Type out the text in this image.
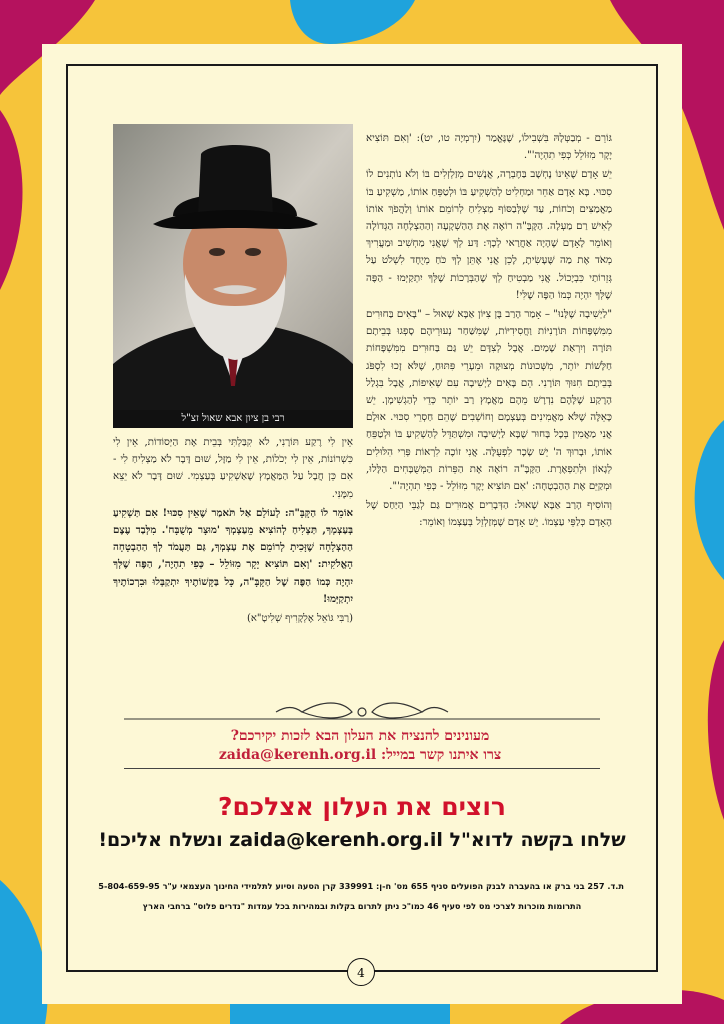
רבי בן ציון אבא שאול זצ"ל

גּוֹרֵם - מְבַטְּלָהּ בִּשְׁבִילוֹ, שֶׁנֶּאֱמַר (יִרְמְיָה טו, יט): 'וְאִם תּוֹצִיא יָקָר מִזּוֹלֵל כְּפִי תִהְיֶה'".

יֵשׁ אָדָם שֶׁאֵינוֹ נֶחְשָׁב בַּחֶבְרָה, אֲנָשִׁים מְזַלְזְלִים בּוֹ וְלֹא נוֹתְנִים לוֹ סִכּוּי. בָּא אָדָם אַחֵר וּמַחְלִיט לְהַשְׁקִיעַ בּוֹ וּלְטַפֵּחַ אוֹתוֹ, מַשְׁקִיעַ בּוֹ מַאֲמַצִּים וְכֹחוֹת, עַד שֶׁלְּבַסּוֹף מַצְלִיחַ לְרוֹמֵם אוֹתוֹ וְלַהֲפֹךְ אוֹתוֹ לְאִישׁ רַם מַעְלָה. הַקָּבָּ"ה רוֹאֶה אֶת הַהַשְׁקָעָה וְהַהַצְלָחָה הַגְּדוֹלָה וְאוֹמֵר לָאָדָם שֶׁהָיָה אַחֲרַאי לְכָךְ: דַּע לְךָ שֶׁאֲנִי מַחְשִׁיב וּמַעֲרִיךְ מְאֹד אֶת מַה שֶּׁעָשִׂיתָ, לָכֵן אֲנִי אֶתֵּן לְךָ כֹּחַ מְיֻחָד לִשְׁלֹט עַל גְּזֵרוֹתַי כִּבְיָכוֹל. אֲנִי מַבְטִיחַ לְךָ שֶׁהַבְּרָכוֹת שֶׁלְּךָ יִתְקַיְּמוּ - הַפֶּה שֶׁלְּךָ יִהְיֶה כְּמוֹ הַפֶּה שֶׁלִּי!

"לַיְשִׁיבָה שֶׁלָּנוּ" – אָמַר הָרַב בֶּן צִיּוֹן אַבָּא שָׁאוּל – "בָּאִים בַּחוּרִים מִמִּשְׁפָּחוֹת תּוֹרָנִיּוֹת וַחֲסִידִיּוֹת, שֶׁמִּשַּׁחַר נְעוּרֵיהֶם סָפְגוּ בְּבֵיתָם תּוֹרָה וְיִרְאַת שָׁמַיִם. אֲבָל לְצִדָּם יֵשׁ גַּם בַּחוּרִים מִמִּשְׁפָּחוֹת חַלָּשׁוֹת יוֹתֵר, מִשְּׁכוּנוֹת מְצוּקָה וּמֵעָרֵי פִּתּוּחַ, שֶׁלֹּא זָכוּ לִסְפֹּג בְּבֵיתָם חִנּוּךְ תּוֹרָנִי. הֵם בָּאִים לַיְשִׁיבָה עִם שְׁאִיפוֹת, אֲבָל בִּגְלַל הָרֶקַע שֶׁלָּהֶם נִדְרָשׁ מֵהֶם מַאֲמָץ רַב יוֹתֵר כְּדֵי לְהַגְשִׁימָן. יֵשׁ כָּאֵלֶּה שֶׁלֹּא מַאֲמִינִים בְּעַצְמָם וְחוֹשְׁבִים שֶׁהֵם חַסְרֵי סִכּוּי. אוּלָם אֲנִי מַאֲמִין בְּכָל בָּחוּר שֶׁבָּא לַיְשִׁיבָה וּמִשְׁתַּדֵּל לְהַשְׁקִיעַ בּוֹ וּלְטַפֵּחַ אוֹתוֹ, וּבָרוּךְ ה' יֵשׁ שָׂכָר לִפְעֻלָּה. אֲנִי זוֹכֶה לִרְאוֹת פְּרִי הִלּוּלִים לְגָאוֹן וּלְתִפְאֶרֶת. הַקָּבָּ"ה רוֹאֶה אֶת הַפֵּרוֹת הַמְּשֻׁבָּחִים הַלָּלוּ, וּמְקַיֵּם אֶת הַהַבְטָחָה: 'אִם תּוֹצִיא יָקָר מִזּוֹלֵל - כְּפִי תִהְיֶה'".

וְהוֹסִיף הָרַב אַבָּא שָׁאוּל: הַדְּבָרִים אֲמוּרִים גַּם לְגַבֵּי הַיַּחַס שֶׁל הָאָדָם כְּלַפֵּי עַצְמוֹ. יֵשׁ אָדָם שֶׁמְּזַלְזֵל בְּעַצְמוֹ וְאוֹמֵר:

אֵין לִי רֶקַע תּוֹרָנִי, לֹא קִבַּלְתִּי בְּבֵית אֶת הַיְּסוֹדוֹת, אֵין לִי כִּשְׁרוֹנוֹת, אֵין לִי יְכֹלוֹת, אֵין לִי מַזָּל, שׁוּם דָּבָר לֹא מַצְלִיחַ לִי - אִם כֵּן חֲבָל עַל הַמַּאֲמָץ שֶׁאַשְׁקִיעַ בְּעַצְמִי. שׁוּם דָּבָר לֹא יֵצֵא מִמֶּנִּי.

אוֹמֵר לוֹ הַקָּבָּ"ה: לְעוֹלָם אַל תֹּאמַר שֶׁאֵין סִכּוּי! אִם תַּשְׁקִיעַ בְּעַצְמְךָ, תַּצְלִיחַ לְהוֹצִיא מֵעַצְמְךָ 'מוּצָר מְשֻׁבָּח'. מִלְּבַד עֶצֶם הַהַצְלָחָה שֶׁזָּכִיתָ לְרוֹמֵם אֶת עַצְמְךָ, גַּם תַּעֲמֹד לְךָ הַהַבְטָחָה הָאֱלֹקִית: 'וְאִם תּוֹצִיא יָקָר מִזּוֹלֵל – כְּפִי תִהְיֶה', הַפֶּה שֶׁלְּךָ יִהְיֶה כְּמוֹ הַפֶּה שֶׁל הַקָּבָּ"ה, כָּל בַּקָּשׁוֹתֶיךָ יִתְקַבְּלוּ וּבִרְכוֹתֶיךָ יִתְקַיְּמוּ!

(רַבִּי גּוֹאֵל אֶלְקָרִיף שְׁלִיטָ"א)

מעונינים להנציח את העלון הבא לזכות יקירכם?
צרו איתנו קשר במייל: zaida@kerenh.org.il
רוצים את העלון אצלכם?
שלחו בקשה לדוא"ל zaida@kerenh.org.il ונשלח אליכם!
ת.ד. 257 בני ברק או בהעברה לבנק הפועלים סניף 655 מס' ח-ן: 339991 קרן הסעה וסיוע לתלמידי החינוך העצמאי ע"ר 5-804-659-95
התרומות מוכרות לצרכי מס לפי סעיף 46 כמו"כ ניתן לתרום בקלות ובמהירות בכל עמדות "נדרים פלוס" ברחבי הארץ
4
